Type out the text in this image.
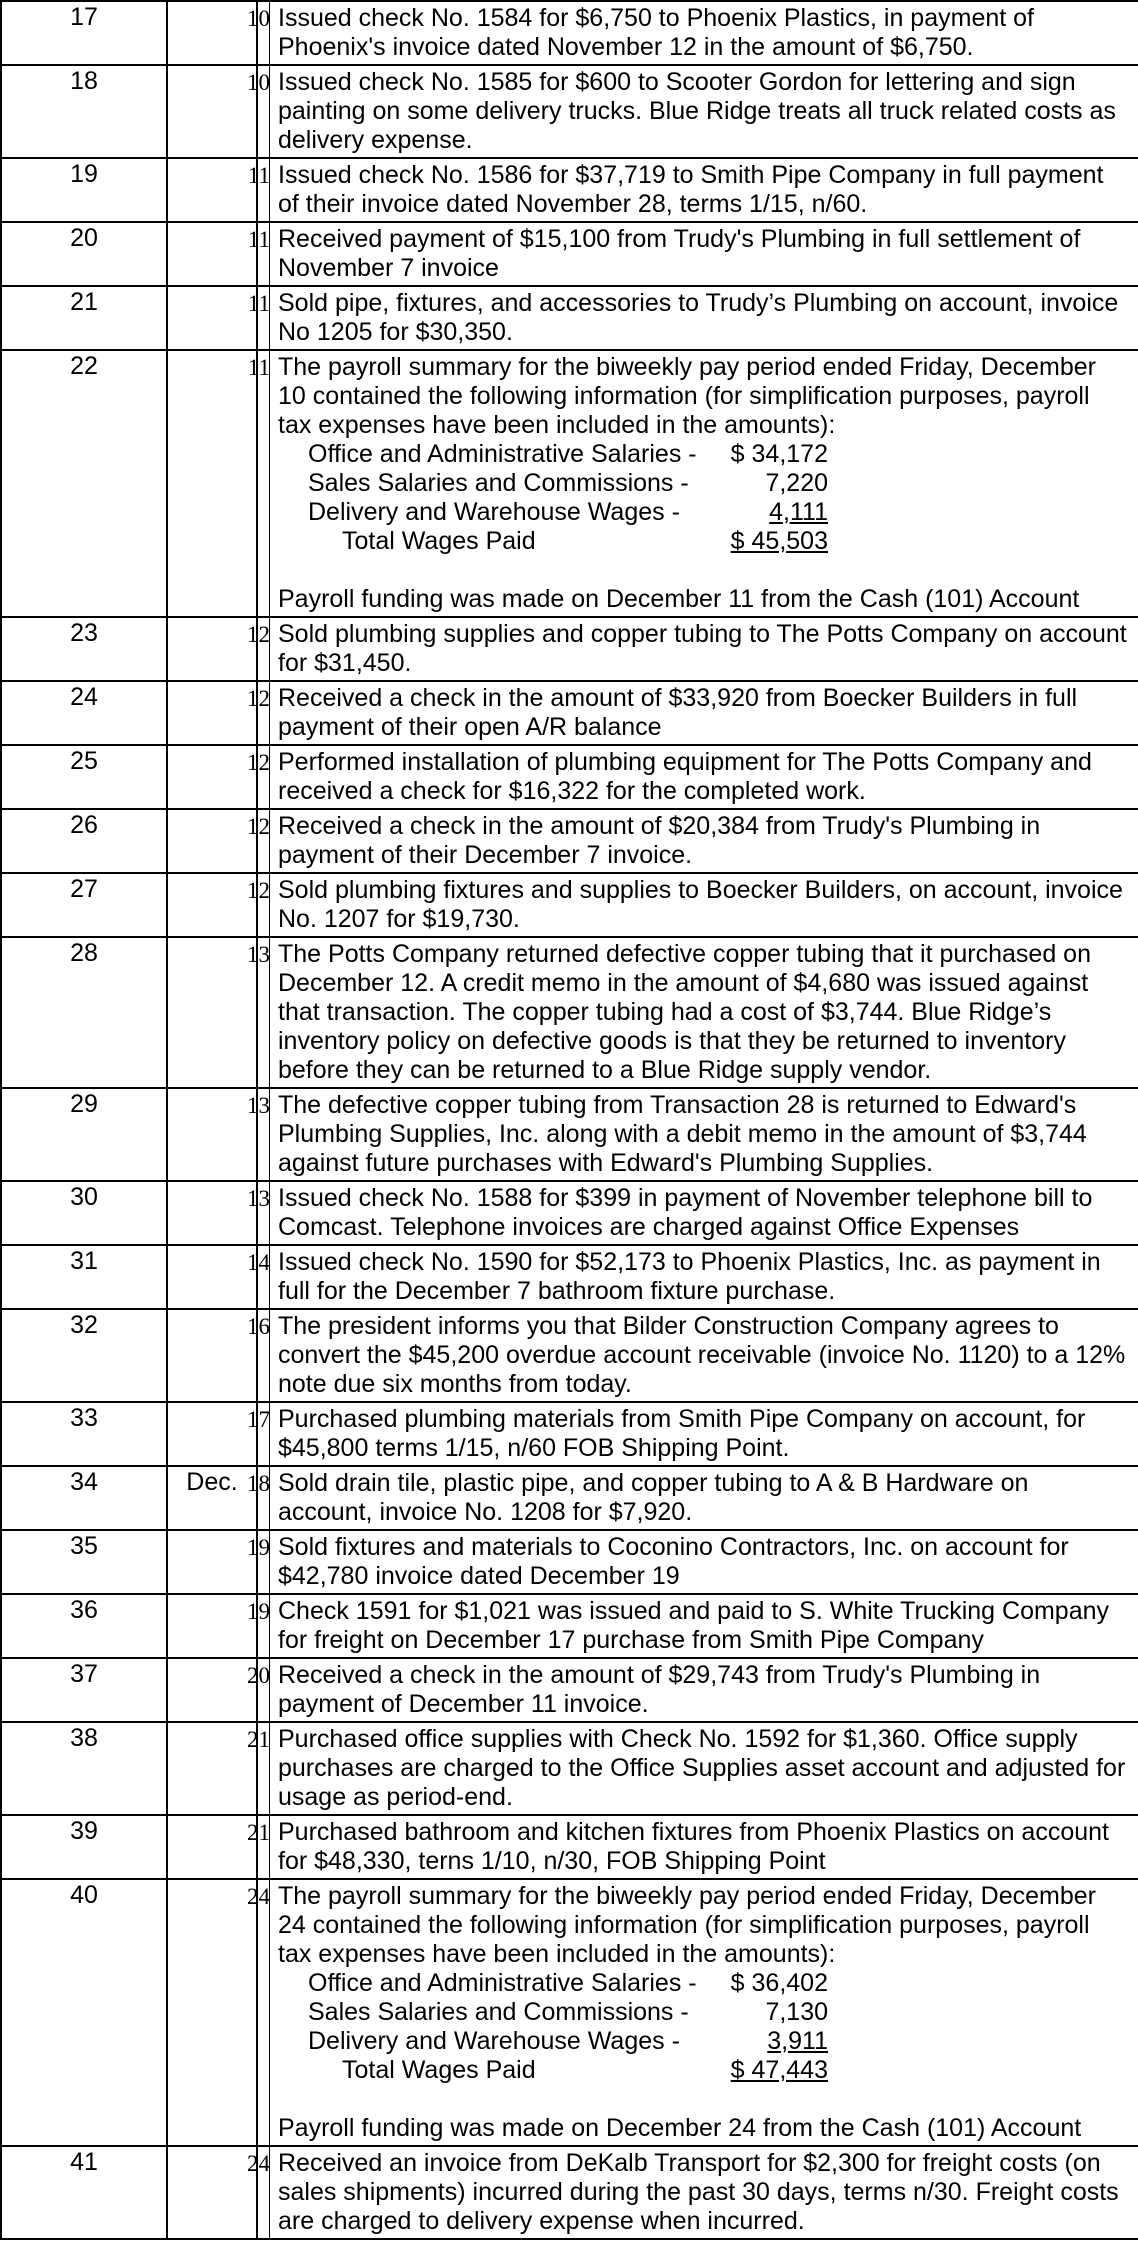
17	10 Issued check No. 1584 for $6,750 to Phoenix Plastics, in payment of Phoenix's invoice dated November 12 in the amount of $6,750.
18	10 Issued check No. 1585 for $600 to Scooter Gordon for lettering and sign painting on some delivery trucks. Blue Ridge treats all truck related costs as delivery expense.
19	11 Issued check No. 1586 for $37,719 to Smith Pipe Company in full payment of their invoice dated November 28, terms 1/15, n/60.
20	11 Received payment of $15,100 from Trudy's Plumbing in full settlement of November 7 invoice
21	11 Sold pipe, fixtures, and accessories to Trudy’s Plumbing on account, invoice No 1205 for $30,350.
22	11 The payroll summary for the biweekly pay period ended Friday, December 10 contained the following information (for simplification purposes, payroll tax expenses have been included in the amounts):
Office and Administrative Salaries -	$ 34,172
Sales Salaries and Commissions -	7,220
Delivery and Warehouse Wages -	4,111
Total Wages Paid	$ 45,503
Payroll funding was made on December 11 from the Cash (101) Account
23	12 Sold plumbing supplies and copper tubing to The Potts Company on account for $31,450.
24	12 Received a check in the amount of $33,920 from Boecker Builders in full payment of their open A/R balance
25	12 Performed installation of plumbing equipment for The Potts Company and received a check for $16,322 for the completed work.
26	12 Received a check in the amount of $20,384 from Trudy's Plumbing in payment of their December 7 invoice.
27	12 Sold plumbing fixtures and supplies to Boecker Builders, on account, invoice No. 1207 for $19,730.
28	13 The Potts Company returned defective copper tubing that it purchased on December 12. A credit memo in the amount of $4,680 was issued against that transaction. The copper tubing had a cost of $3,744. Blue Ridge’s inventory policy on defective goods is that they be returned to inventory before they can be returned to a Blue Ridge supply vendor.
29	13 The defective copper tubing from Transaction 28 is returned to Edward's Plumbing Supplies, Inc. along with a debit memo in the amount of $3,744 against future purchases with Edward's Plumbing Supplies.
30	13 Issued check No. 1588 for $399 in payment of November telephone bill to Comcast. Telephone invoices are charged against Office Expenses
31	14 Issued check No. 1590 for $52,173 to Phoenix Plastics, Inc. as payment in full for the December 7 bathroom fixture purchase.
32	16 The president informs you that Bilder Construction Company agrees to convert the $45,200 overdue account receivable (invoice No. 1120) to a 12% note due six months from today.
33	17 Purchased plumbing materials from Smith Pipe Company on account, for $45,800 terms 1/15, n/60 FOB Shipping Point.
34	Dec. 18 Sold drain tile, plastic pipe, and copper tubing to A & B Hardware on account, invoice No. 1208 for $7,920.
35	19 Sold fixtures and materials to Coconino Contractors, Inc. on account for $42,780 invoice dated December 19
36	19 Check 1591 for $1,021 was issued and paid to S. White Trucking Company for freight on December 17 purchase from Smith Pipe Company
37	20 Received a check in the amount of $29,743 from Trudy's Plumbing in payment of December 11 invoice.
38	21 Purchased office supplies with Check No. 1592 for $1,360. Office supply purchases are charged to the Office Supplies asset account and adjusted for usage as period-end.
39	21 Purchased bathroom and kitchen fixtures from Phoenix Plastics on account for $48,330, terns 1/10, n/30, FOB Shipping Point
40	24 The payroll summary for the biweekly pay period ended Friday, December 24 contained the following information (for simplification purposes, payroll tax expenses have been included in the amounts):
Office and Administrative Salaries -	$ 36,402
Sales Salaries and Commissions -	7,130
Delivery and Warehouse Wages -	3,911
Total Wages Paid	$ 47,443
Payroll funding was made on December 24 from the Cash (101) Account
41	24 Received an invoice from DeKalb Transport for $2,300 for freight costs (on sales shipments) incurred during the past 30 days, terms n/30. Freight costs are charged to delivery expense when incurred.
